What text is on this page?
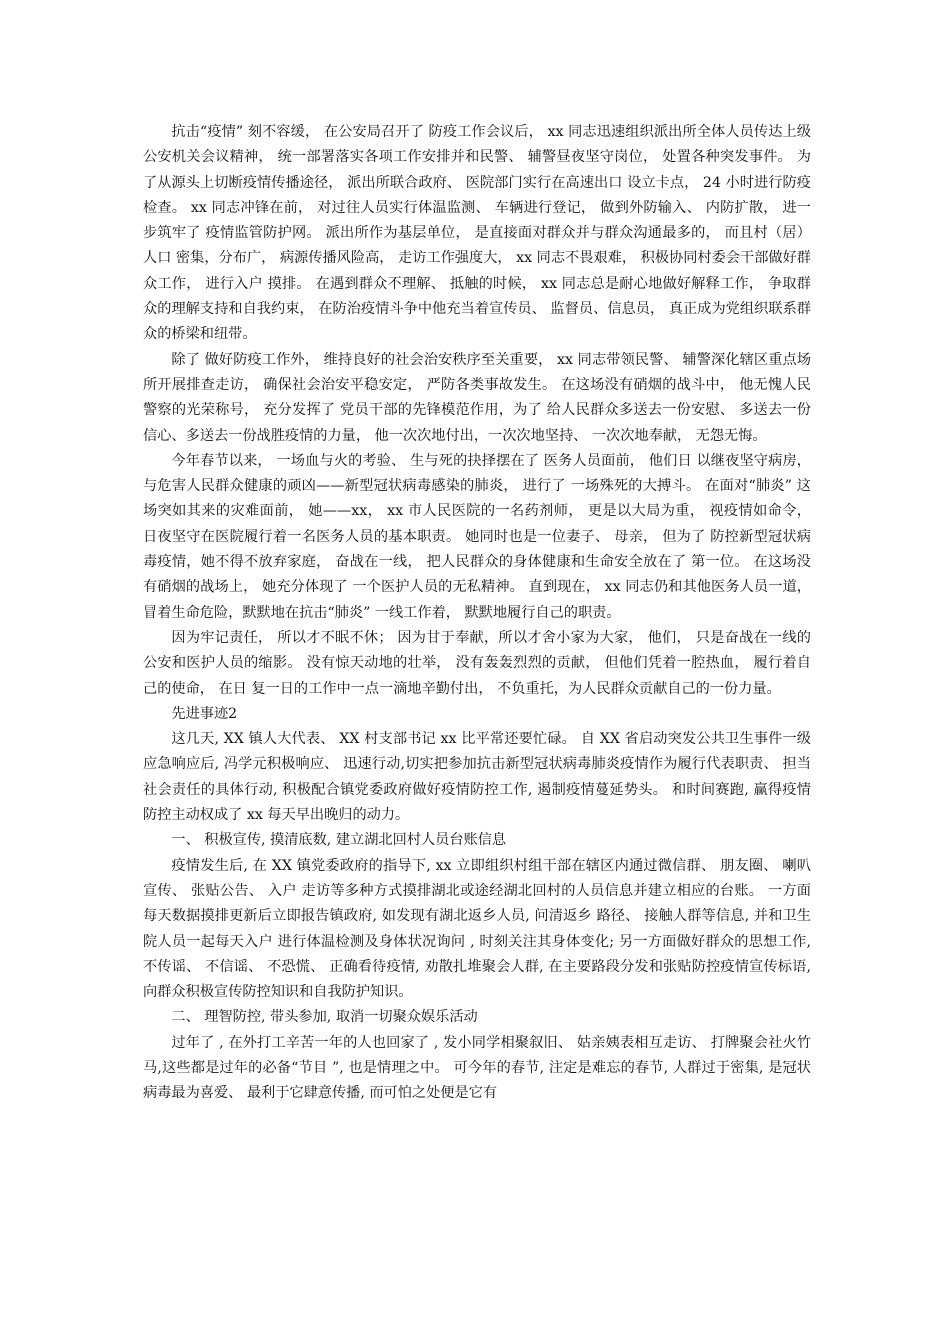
抗击“疫情” 刻不容缓， 在公安局召开了 防疫工作会议后， xx 同志迅速组织派出所全体人员传达上级公安机关会议精神， 统一部署落实各项工作安排并和民警、 辅警昼夜坚守岗位， 处置各种突发事件。 为了从源头上切断疫情传播途径， 派出所联合政府、 医院部门实行在高速出口 设立卡点， 24 小时进行防疫检查。 xx 同志冲锋在前， 对过往人员实行体温监测、 车辆进行登记， 做到外防输入、 内防扩散， 进一步筑牢了 疫情监管防护网。 派出所作为基层单位， 是直接面对群众并与群众沟通最多的， 而且村（居） 人口 密集，分布广， 病源传播风险高， 走访工作强度大， xx 同志不畏艰难， 积极协同村委会干部做好群众工作， 进行入户 摸排。 在遇到群众不理解、 抵触的时候， xx 同志总是耐心地做好解释工作， 争取群众的理解支持和自我约束， 在防治疫情斗争中他充当着宣传员、 监督员、信息员， 真正成为党组织联系群众的桥梁和纽带。

除了 做好防疫工作外， 维持良好的社会治安秩序至关重要， xx 同志带领民警、 辅警深化辖区重点场所开展排查走访， 确保社会治安平稳安定， 严防各类事故发生。 在这场没有硝烟的战斗中， 他无愧人民警察的光荣称号， 充分发挥了 党员干部的先锋模范作用，为了 给人民群众多送去一份安慰、 多送去一份信心、多送去一份战胜疫情的力量， 他一次次地付出，一次次地坚持、 一次次地奉献， 无怨无悔。

今年春节以来， 一场血与火的考验、 生与死的抉择摆在了 医务人员面前， 他们日 以继夜坚守病房， 与危害人民群众健康的顽凶——新型冠状病毒感染的肺炎， 进行了 一场殊死的大搏斗。 在面对“肺炎” 这场突如其来的灾难面前， 她——xx， xx 市人民医院的一名药剂师， 更是以大局为重， 视疫情如命令， 日夜坚守在医院履行着一名医务人员的基本职责。 她同时也是一位妻子、 母亲， 但为了 防控新型冠状病毒疫情，她不得不放弃家庭， 奋战在一线， 把人民群众的身体健康和生命安全放在了 第一位。 在这场没有硝烟的战场上， 她充分体现了 一个医护人员的无私精神。 直到现在， xx 同志仍和其他医务人员一道， 冒着生命危险，默默地在抗击“肺炎” 一线工作着， 默默地履行自己的职责。

因为牢记责任， 所以才不眠不休； 因为甘于奉献，所以才舍小家为大家， 他们， 只是奋战在一线的公安和医护人员的缩影。 没有惊天动地的壮举， 没有轰轰烈烈的贡献， 但他们凭着一腔热血， 履行着自己的使命， 在日 复一日的工作中一点一滴地辛勤付出， 不负重托，为人民群众贡献自己的一份力量。

先进事迹2

这几天, XX 镇人大代表、 XX 村支部书记 xx 比平常还要忙碌。 自 XX 省启动突发公共卫生事件一级应急响应后, 冯学元积极响应、 迅速行动,切实把参加抗击新型冠状病毒肺炎疫情作为履行代表职责、 担当社会责任的具体行动, 积极配合镇党委政府做好疫情防控工作, 遏制疫情蔓延势头。 和时间赛跑, 赢得疫情防控主动权成了 xx 每天早出晚归的动力。

一、 积极宣传, 摸清底数, 建立湖北回村人员台账信息

疫情发生后, 在 XX 镇党委政府的指导下, xx 立即组织村组干部在辖区内通过微信群、 朋友圈、 喇叭宣传、 张贴公告、 入户 走访等多种方式摸排湖北或途经湖北回村的人员信息并建立相应的台账。 一方面每天数据摸排更新后立即报告镇政府, 如发现有湖北返乡人员, 问清返乡 路径、 接触人群等信息, 并和卫生院人员一起每天入户 进行体温检测及身体状况询问 , 时刻关注其身体变化; 另一方面做好群众的思想工作, 不传谣、 不信谣、 不恐慌、 正确看待疫情, 劝散扎堆聚会人群, 在主要路段分发和张贴防控疫情宣传标语, 向群众积极宣传防控知识和自我防护知识。

二、 理智防控, 带头参加, 取消一切聚众娱乐活动

过年了 , 在外打工辛苦一年的人也回家了 , 发小同学相聚叙旧、 姑亲姨表相互走访、 打牌聚会社火竹马,这些都是过年的必备“节目 ”, 也是情理之中。 可今年的春节, 注定是难忘的春节, 人群过于密集, 是冠状病毒最为喜爱、 最利于它肆意传播, 而可怕之处便是它有
